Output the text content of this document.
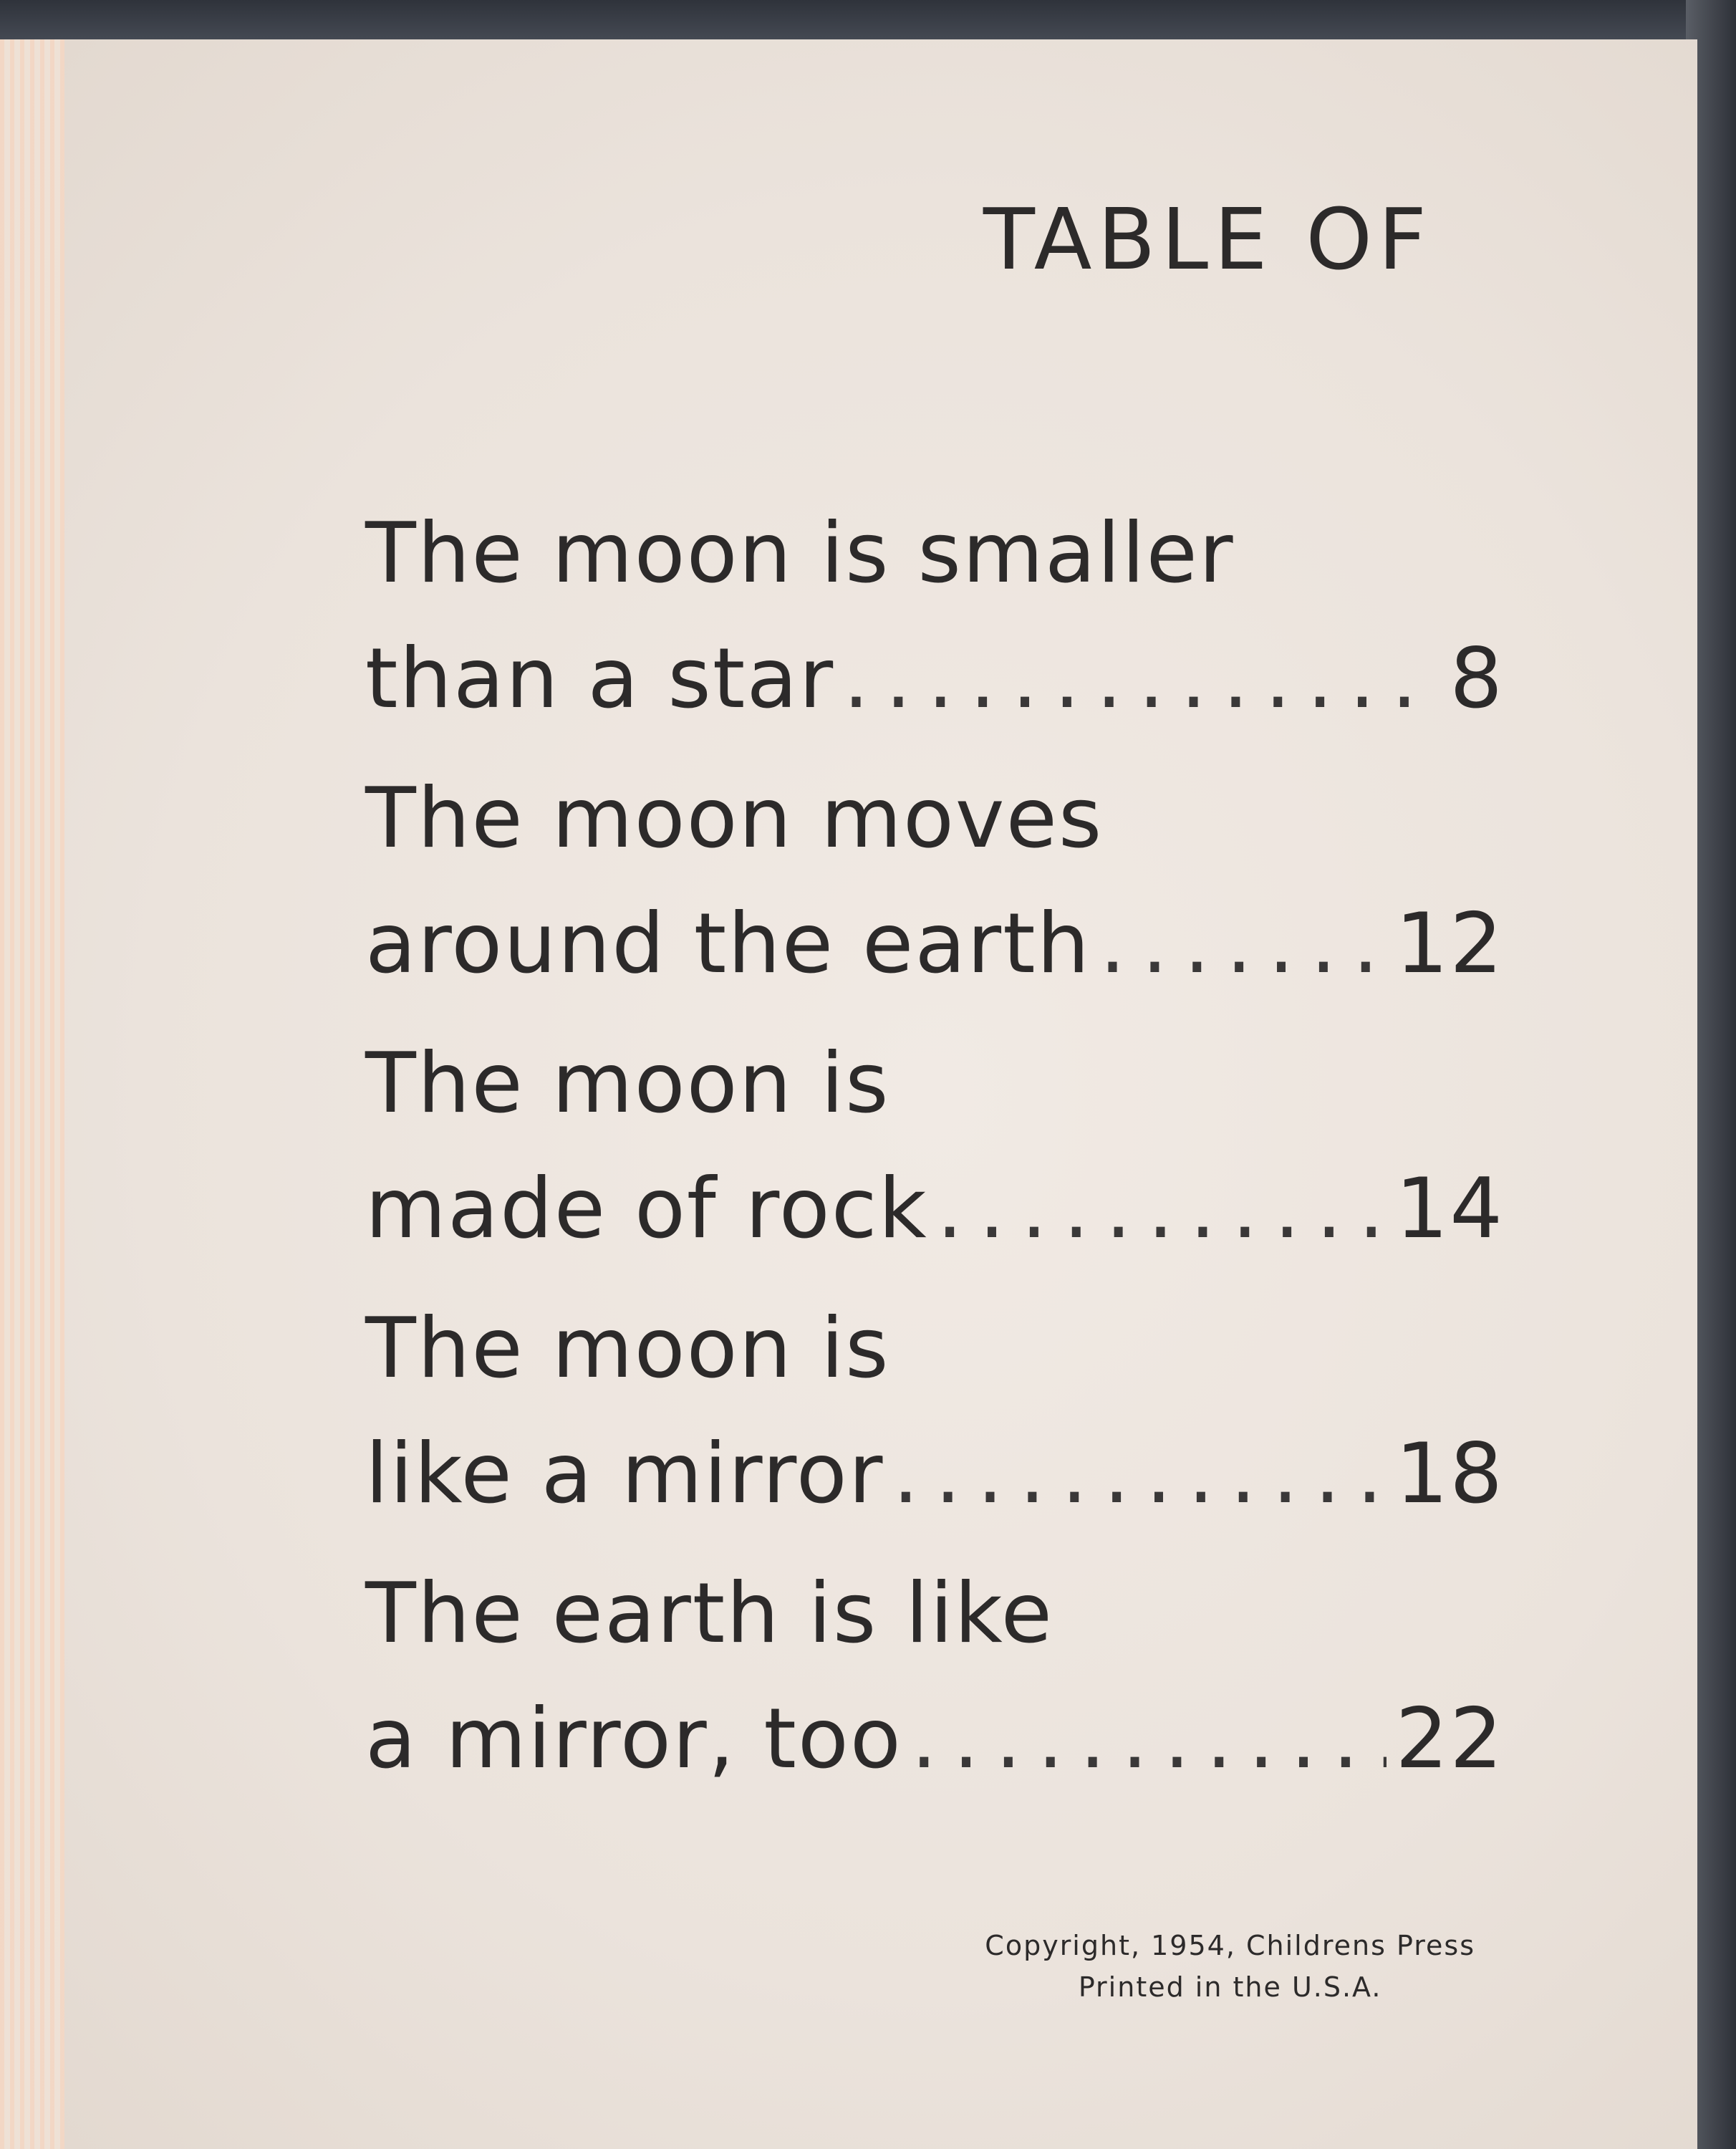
TABLE OF
The moon is smaller
than a star .....	8
The moon moves
around the earth .....	12
The moon is
made of rock .....	14
The moon is
like a mirror .....	18
The earth is like
a mirror, too .....	22
Copyright, 1954, Childrens Press
Printed in the U.S.A.
